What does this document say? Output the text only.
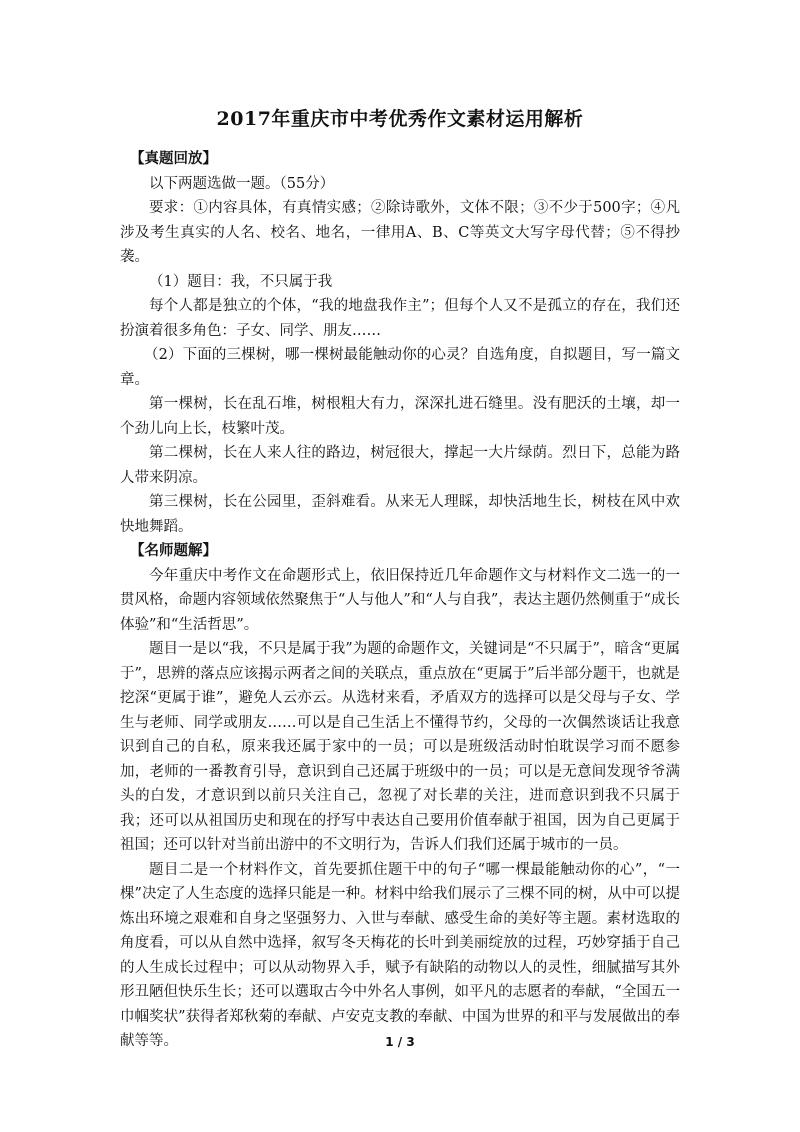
2017年重庆市中考优秀作文素材运用解析

【真题回放】

以下两题选做一题。（55分）

要求：①内容具体，有真情实感；②除诗歌外，文体不限；③不少于500字；④凡涉及考生真实的人名、校名、地名，一律用A、B、C等英文大写字母代替；⑤不得抄袭。

（1）题目：我，不只属于我

每个人都是独立的个体，“我的地盘我作主”；但每个人又不是孤立的存在，我们还扮演着很多角色：子女、同学、朋友……

（2）下面的三棵树，哪一棵树最能触动你的心灵？自选角度，自拟题目，写一篇文章。

第一棵树，长在乱石堆，树根粗大有力，深深扎进石缝里。没有肥沃的土壤，却一个劲儿向上长，枝繁叶茂。

第二棵树，长在人来人往的路边，树冠很大，撑起一大片绿荫。烈日下，总能为路人带来阴凉。

第三棵树，长在公园里，歪斜难看。从来无人理睬，却快活地生长，树枝在风中欢快地舞蹈。

【名师题解】

今年重庆中考作文在命题形式上，依旧保持近几年命题作文与材料作文二选一的一贯风格，命题内容领域依然聚焦于“人与他人”和“人与自我”，表达主题仍然侧重于“成长体验”和“生活哲思”。

题目一是以“我，不只是属于我”为题的命题作文，关键词是“不只属于”，暗含“更属于”，思辨的落点应该揭示两者之间的关联点，重点放在“更属于”后半部分题干，也就是挖深“更属于谁”，避免人云亦云。从选材来看，矛盾双方的选择可以是父母与子女、学生与老师、同学或朋友……可以是自己生活上不懂得节约，父母的一次偶然谈话让我意识到自己的自私，原来我还属于家中的一员；可以是班级活动时怕耽误学习而不愿参加，老师的一番教育引导，意识到自己还属于班级中的一员；可以是无意间发现爷爷满头的白发，才意识到以前只关注自己，忽视了对长辈的关注，进而意识到我不只属于我；还可以从祖国历史和现在的抒写中表达自己要用价值奉献于祖国，因为自己更属于祖国；还可以针对当前出游中的不文明行为，告诉人们我们还属于城市的一员。

题目二是一个材料作文，首先要抓住题干中的句子“哪一棵最能触动你的心”，“一棵”决定了人生态度的选择只能是一种。材料中给我们展示了三棵不同的树，从中可以提炼出环境之艰难和自身之坚强努力、入世与奉献、感受生命的美好等主题。素材选取的角度看，可以从自然中选择，叙写冬天梅花的长叶到美丽绽放的过程，巧妙穿插于自己的人生成长过程中；可以从动物界入手，赋予有缺陷的动物以人的灵性，细腻描写其外形丑陋但快乐生长；还可以選取古今中外名人事例，如平凡的志愿者的奉献，“全国五一巾帼奖状”获得者郑秋菊的奉献、卢安克支教的奉献、中国为世界的和平与发展做出的奉献等等。	1 / 3
